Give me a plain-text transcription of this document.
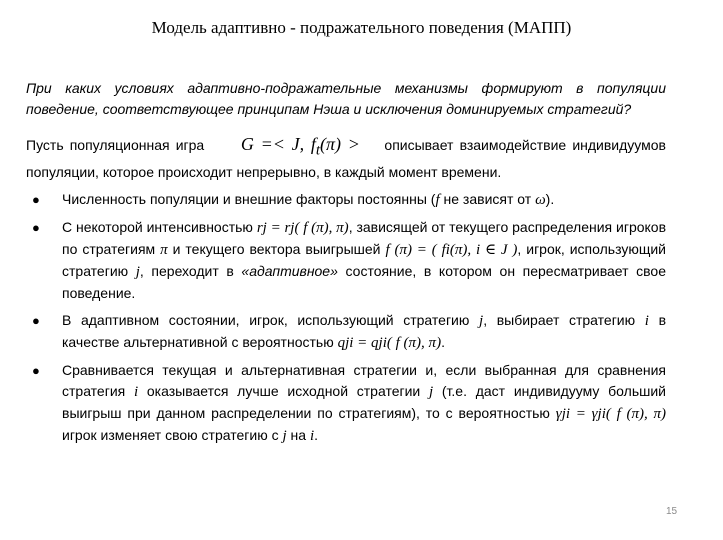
Модель адаптивно - подражательного поведения (МАПП)
При каких условиях адаптивно-подражательные механизмы формируют в популяции поведение, соответствующее принципам Нэша и исключения доминируемых стратегий?
Пусть популяционная игра G =< J, $f_t(\pi)$ > описывает взаимодействие индивидуумов популяции, которое происходит непрерывно, в каждый момент времени.
● Численность популяции и внешние факторы постоянны (f не зависят от ω).
● С некоторой интенсивностью rj = rj( f (π), π), зависящей от текущего распределения игроков по стратегиям π и текущего вектора выигрышей f (π) = ( fi(π), i ∈ J ), игрок, использующий стратегию j, переходит в «адаптивное» состояние, в котором он пересматривает свое поведение.
● В адаптивном состоянии, игрок, использующий стратегию j, выбирает стратегию i в качестве альтернативной с вероятностью qji = qji( f (π), π).
● Сравнивается текущая и альтернативная стратегии и, если выбранная для сравнения стратегия i оказывается лучше исходной стратегии j (т.е. даст индивидууму больший выигрыш при данном распределении по стратегиям), то с вероятностью γji = γji( f (π), π) игрок изменяет свою стратегию с j на i.
15
